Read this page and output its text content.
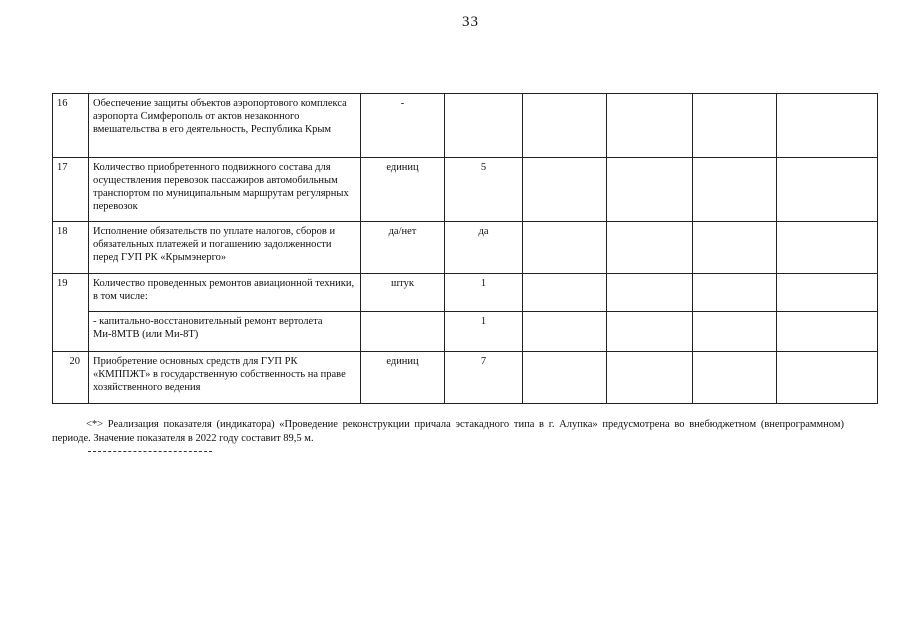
33
16	Обеспечение защиты объектов аэропортового комплекса аэропорта Симферополь от актов незаконного вмешательства в его деятельность, Республика Крым	-					
17	Количество приобретенного подвижного состава для осуществления перевозок пассажиров автомобильным транспортом по муниципальным маршрутам регулярных перевозок	единиц	5				
18	Исполнение обязательств по уплате налогов, сборов и обязательных платежей и погашению задолженности перед ГУП РК «Крымэнерго»	да/нет	да				
19	Количество проведенных ремонтов авиационной техники, в том числе:	штук	1				
	- капитально-восстановительный ремонт вертолета Ми-8МТВ (или Ми-8Т)		1				
20	Приобретение основных средств для ГУП РК «КМППЖТ» в государственную собственность на праве хозяйственного ведения	единиц	7				
<*> Реализация показателя (индикатора) «Проведение реконструкции причала эстакадного типа в г. Алупка» предусмотрена во внебюджетном (внепрограммном) периоде. Значение показателя в 2022 году составит 89,5 м.
